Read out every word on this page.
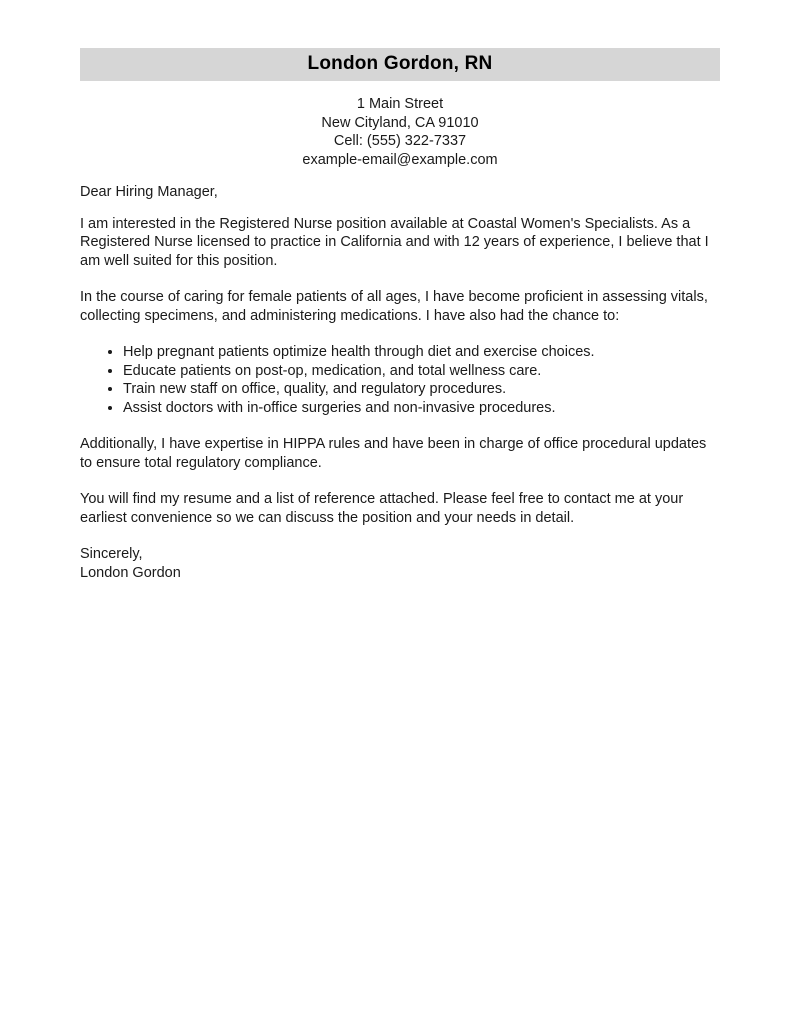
London Gordon, RN
1 Main Street
New Cityland, CA 91010
Cell: (555) 322-7337
example-email@example.com

Dear Hiring Manager,

I am interested in the Registered Nurse position available at Coastal Women's Specialists. As a Registered Nurse licensed to practice in California and with 12 years of experience, I believe that I am well suited for this position.

In the course of caring for female patients of all ages, I have become proficient in assessing vitals, collecting specimens, and administering medications. I have also had the chance to:

• Help pregnant patients optimize health through diet and exercise choices.
• Educate patients on post-op, medication, and total wellness care.
• Train new staff on office, quality, and regulatory procedures.
• Assist doctors with in-office surgeries and non-invasive procedures.

Additionally, I have expertise in HIPPA rules and have been in charge of office procedural updates to ensure total regulatory compliance.

You will find my resume and a list of reference attached. Please feel free to contact me at your earliest convenience so we can discuss the position and your needs in detail.

Sincerely,

London Gordon
